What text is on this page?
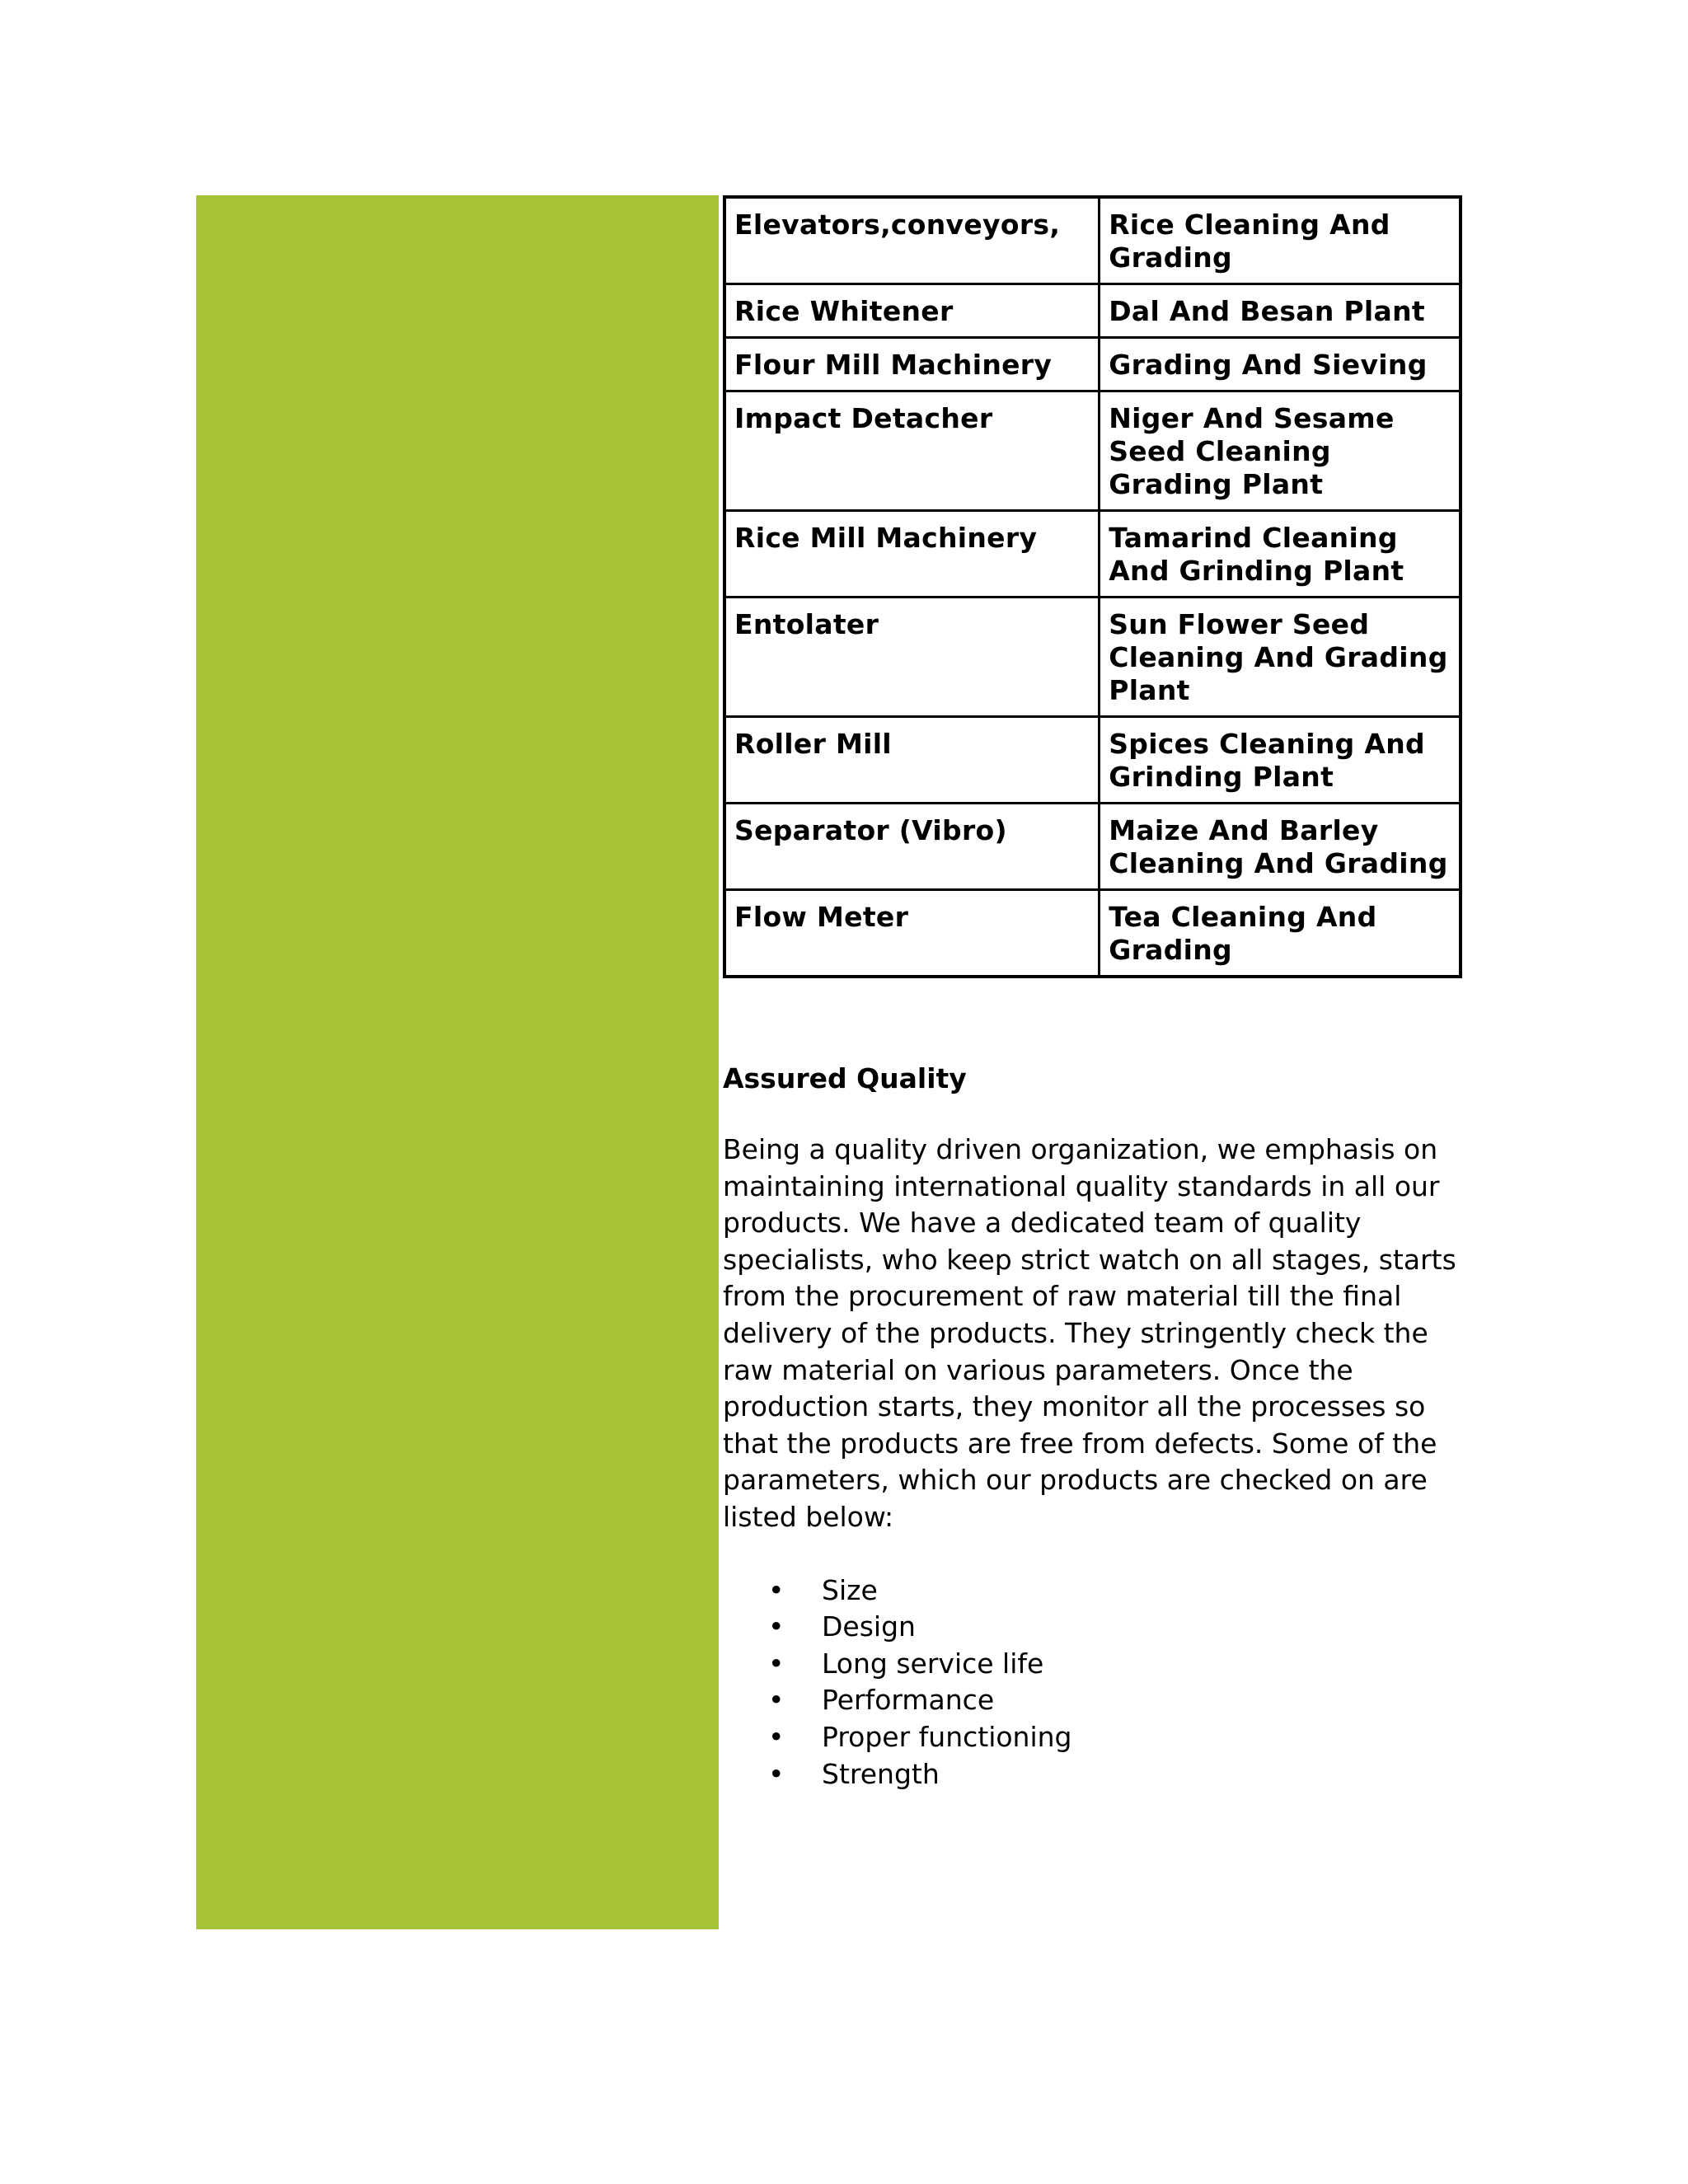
Elevators,conveyors,	Rice Cleaning And Grading
Rice Whitener	Dal And Besan Plant
Flour Mill Machinery	Grading And Sieving
Impact Detacher	Niger And Sesame Seed Cleaning Grading Plant
Rice Mill Machinery	Tamarind Cleaning And Grinding Plant
Entolater	Sun Flower Seed Cleaning And Grading Plant
Roller Mill	Spices Cleaning And Grinding Plant
Separator (Vibro)	Maize And Barley Cleaning And Grading
Flow Meter	Tea Cleaning And Grading
Assured Quality
Being a quality driven organization, we emphasis on maintaining international quality standards in all our products. We have a dedicated team of quality specialists, who keep strict watch on all stages, starts from the procurement of raw material till the final delivery of the products. They stringently check the raw material on various parameters. Once the production starts, they monitor all the processes so that the products are free from defects. Some of the parameters, which our products are checked on are listed below:
• Size
• Design
• Long service life
• Performance
• Proper functioning
• Strength
